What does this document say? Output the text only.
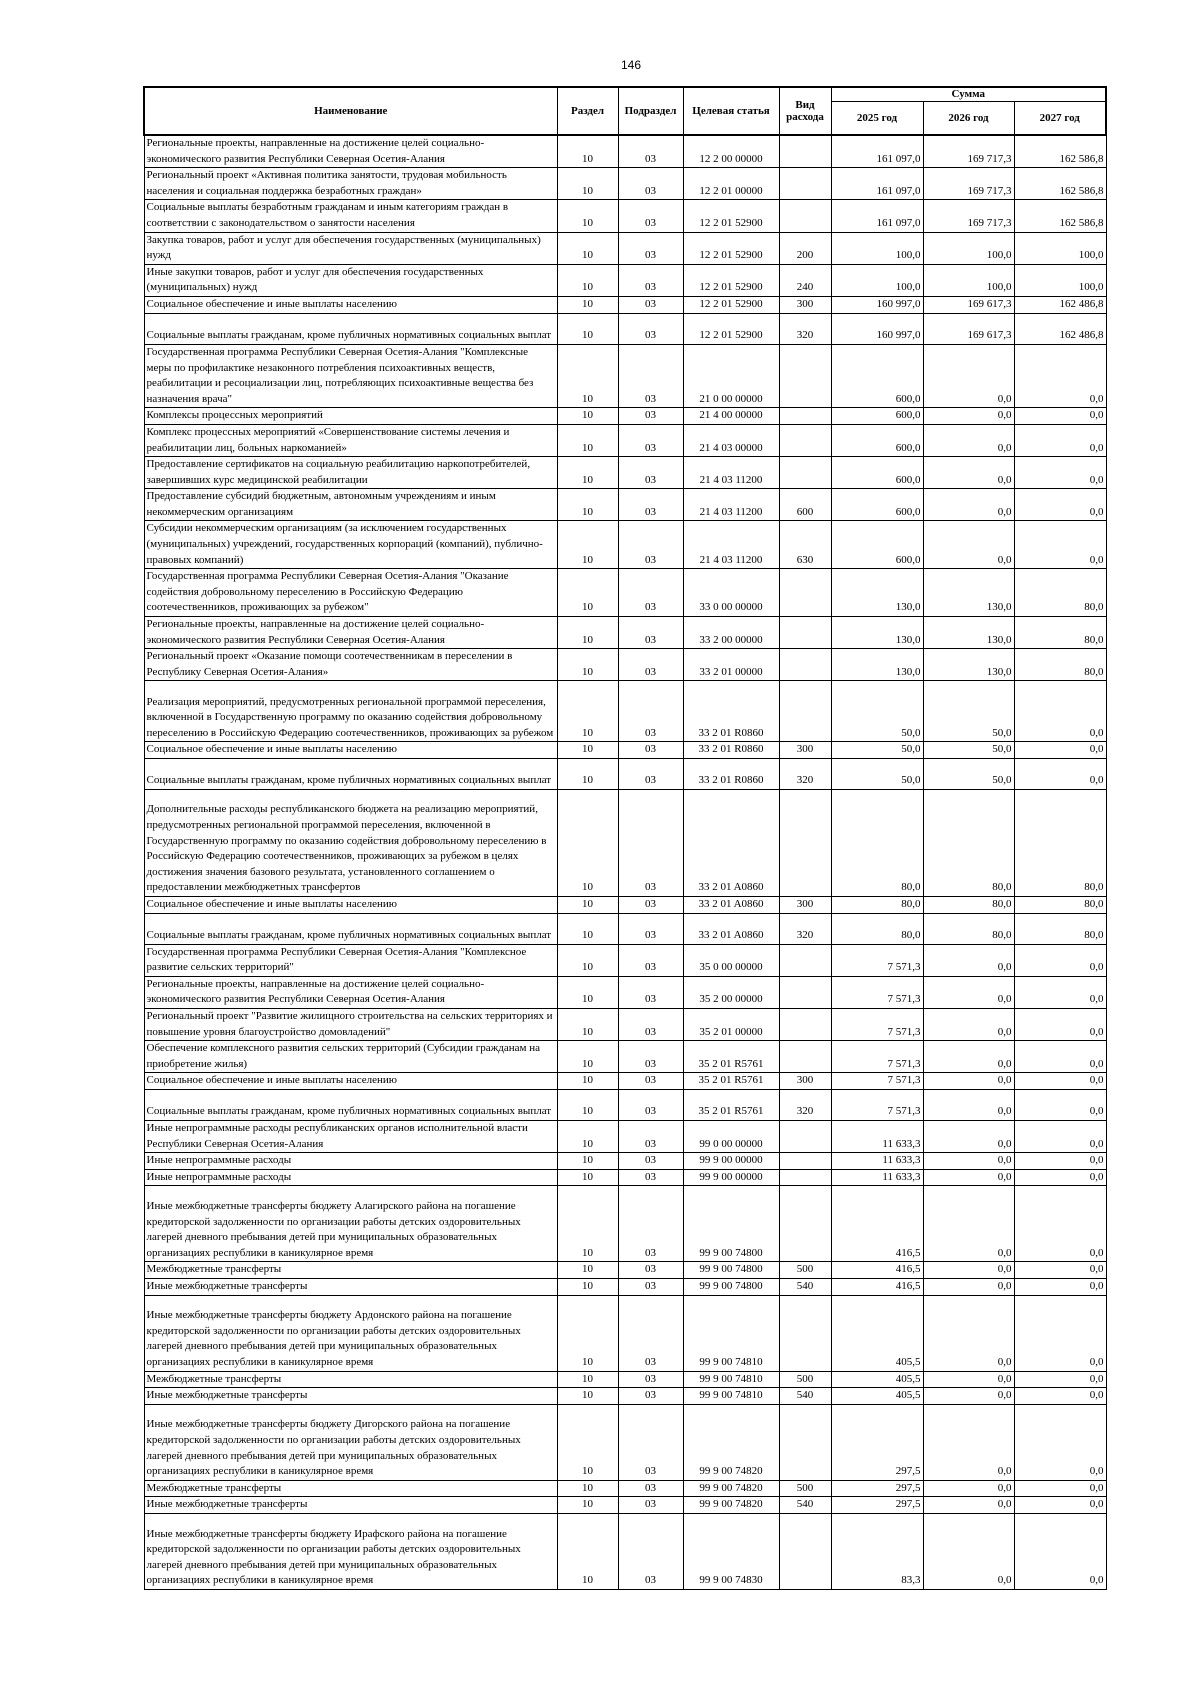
146
Наименование	Раздел	Подраздел	Целевая статья	Вид расхода	Сумма		
					2025 год	2026 год	2027 год
Региональные проекты, направленные на достижение целей социально-экономического развития Республики Северная Осетия-Алания	10	03	12 2 00 00000		161 097,0	169 717,3	162 586,8
Региональный проект «Активная политика занятости, трудовая мобильность населения и социальная поддержка безработных граждан»	10	03	12 2 01 00000		161 097,0	169 717,3	162 586,8
Социальные выплаты безработным гражданам и иным категориям граждан в соответствии с законодательством о занятости населения	10	03	12 2 01 52900		161 097,0	169 717,3	162 586,8
Закупка товаров, работ и услуг для обеспечения государственных (муниципальных) нужд	10	03	12 2 01 52900	200	100,0	100,0	100,0
Иные закупки товаров, работ и услуг для обеспечения государственных (муниципальных) нужд	10	03	12 2 01 52900	240	100,0	100,0	100,0
Социальное обеспечение и иные выплаты населению	10	03	12 2 01 52900	300	160 997,0	169 617,3	162 486,8
Социальные выплаты гражданам, кроме публичных нормативных социальных выплат	10	03	12 2 01 52900	320	160 997,0	169 617,3	162 486,8
Государственная программа Республики Северная Осетия-Алания "Комплексные меры по профилактике незаконного потребления психоактивных веществ, реабилитации и ресоциализации лиц, потребляющих психоактивные вещества без назначения врача"	10	03	21 0 00 00000		600,0	0,0	0,0
Комплексы процессных мероприятий	10	03	21 4 00 00000		600,0	0,0	0,0
Комплекс процессных мероприятий «Совершенствование системы лечения и реабилитации лиц, больных наркоманией»	10	03	21 4 03 00000		600,0	0,0	0,0
Предоставление сертификатов на социальную реабилитацию наркопотребителей, завершивших курс медицинской реабилитации	10	03	21 4 03 11200		600,0	0,0	0,0
Предоставление субсидий бюджетным, автономным учреждениям и иным некоммерческим организациям	10	03	21 4 03 11200	600	600,0	0,0	0,0
Субсидии некоммерческим организациям (за исключением государственных (муниципальных) учреждений, государственных корпораций (компаний), публично-правовых компаний)	10	03	21 4 03 11200	630	600,0	0,0	0,0
Государственная программа Республики Северная Осетия-Алания "Оказание содействия добровольному переселению в Российскую Федерацию соотечественников, проживающих за рубежом"	10	03	33 0 00 00000		130,0	130,0	80,0
Региональные проекты, направленные на достижение целей социально-экономического развития Республики Северная Осетия-Алания	10	03	33 2 00 00000		130,0	130,0	80,0
Региональный проект «Оказание помощи соотечественникам в переселении в Республику Северная Осетия-Алания»	10	03	33 2 01 00000		130,0	130,0	80,0
Реализация мероприятий, предусмотренных региональной программой переселения, включенной в Государственную программу по оказанию содействия добровольному переселению в Российскую Федерацию соотечественников, проживающих за рубежом	10	03	33 2 01 R0860		50,0	50,0	0,0
Социальное обеспечение и иные выплаты населению	10	03	33 2 01 R0860	300	50,0	50,0	0,0
Социальные выплаты гражданам, кроме публичных нормативных социальных выплат	10	03	33 2 01 R0860	320	50,0	50,0	0,0
Дополнительные расходы республиканского бюджета на реализацию мероприятий, предусмотренных региональной программой переселения, включенной в Государственную программу по оказанию содействия добровольному переселению в Российскую Федерацию соотечественников, проживающих за рубежом в целях достижения значения базового результата, установленного соглашением о предоставлении межбюджетных трансфертов	10	03	33 2 01 A0860		80,0	80,0	80,0
Социальное обеспечение и иные выплаты населению	10	03	33 2 01 A0860	300	80,0	80,0	80,0
Социальные выплаты гражданам, кроме публичных нормативных социальных выплат	10	03	33 2 01 A0860	320	80,0	80,0	80,0
Государственная программа Республики Северная Осетия-Алания "Комплексное развитие сельских территорий"	10	03	35 0 00 00000		7 571,3	0,0	0,0
Региональные проекты, направленные на достижение целей социально-экономического развития Республики Северная Осетия-Алания	10	03	35 2 00 00000		7 571,3	0,0	0,0
Региональный проект "Развитие жилищного строительства на сельских территориях и повышение уровня благоустройство домовладений"	10	03	35 2 01 00000		7 571,3	0,0	0,0
Обеспечение комплексного развития сельских территорий (Субсидии гражданам на приобретение жилья)	10	03	35 2 01 R5761		7 571,3	0,0	0,0
Социальное обеспечение и иные выплаты населению	10	03	35 2 01 R5761	300	7 571,3	0,0	0,0
Социальные выплаты гражданам, кроме публичных нормативных социальных выплат	10	03	35 2 01 R5761	320	7 571,3	0,0	0,0
Иные непрограммные расходы республиканских органов исполнительной власти Республики Северная Осетия-Алания	10	03	99 0 00 00000		11 633,3	0,0	0,0
Иные непрограммные расходы	10	03	99 9 00 00000		11 633,3	0,0	0,0
Иные непрограммные расходы	10	03	99 9 00 00000		11 633,3	0,0	0,0
Иные межбюджетные трансферты бюджету Алагирского района на погашение кредиторской задолженности по организации работы детских оздоровительных лагерей дневного пребывания детей при муниципальных образовательных организациях республики в каникулярное время	10	03	99 9 00 74800		416,5	0,0	0,0
Межбюджетные трансферты	10	03	99 9 00 74800	500	416,5	0,0	0,0
Иные межбюджетные трансферты	10	03	99 9 00 74800	540	416,5	0,0	0,0
Иные межбюджетные трансферты бюджету Ардонского района на погашение кредиторской задолженности по организации работы детских оздоровительных лагерей дневного пребывания детей при муниципальных образовательных организациях республики в каникулярное время	10	03	99 9 00 74810		405,5	0,0	0,0
Межбюджетные трансферты	10	03	99 9 00 74810	500	405,5	0,0	0,0
Иные межбюджетные трансферты	10	03	99 9 00 74810	540	405,5	0,0	0,0
Иные межбюджетные трансферты бюджету Дигорского района на погашение кредиторской задолженности по организации работы детских оздоровительных лагерей дневного пребывания детей при муниципальных образовательных организациях республики в каникулярное время	10	03	99 9 00 74820		297,5	0,0	0,0
Межбюджетные трансферты	10	03	99 9 00 74820	500	297,5	0,0	0,0
Иные межбюджетные трансферты	10	03	99 9 00 74820	540	297,5	0,0	0,0
Иные межбюджетные трансферты бюджету Ирафского района на погашение кредиторской задолженности по организации работы детских оздоровительных лагерей дневного пребывания детей при муниципальных образовательных организациях республики в каникулярное время	10	03	99 9 00 74830		83,3	0,0	0,0
